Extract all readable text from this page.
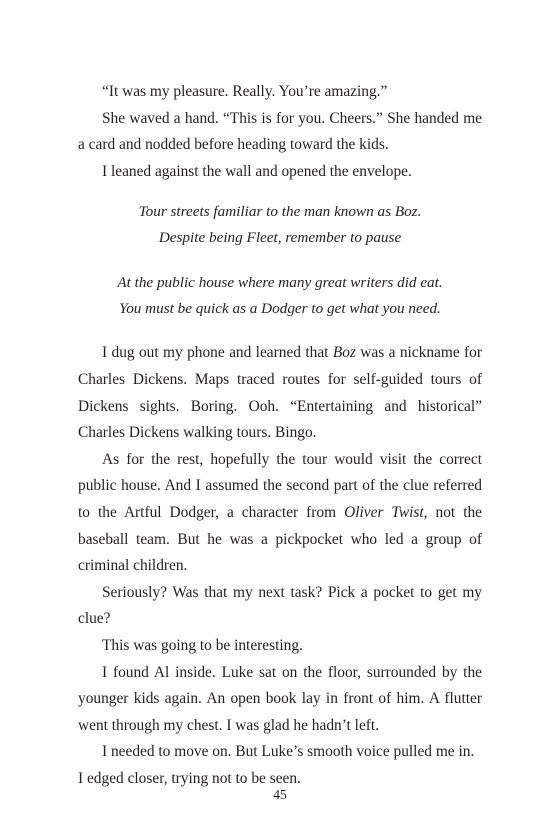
“It was my pleasure. Really. You’re amazing.”

She waved a hand. “This is for you. Cheers.” She handed me a card and nodded before heading toward the kids.

I leaned against the wall and opened the envelope.

Tour streets familiar to the man known as Boz.
Despite being Fleet, remember to pause
At the public house where many great writers did eat.
You must be quick as a Dodger to get what you need.

I dug out my phone and learned that Boz was a nickname for Charles Dickens. Maps traced routes for self-guided tours of Dickens sights. Boring. Ooh. “Entertaining and historical” Charles Dickens walking tours. Bingo.

As for the rest, hopefully the tour would visit the correct public house. And I assumed the second part of the clue referred to the Artful Dodger, a character from Oliver Twist, not the baseball team. But he was a pickpocket who led a group of criminal children.

Seriously? Was that my next task? Pick a pocket to get my clue?

This was going to be interesting.

I found Al inside. Luke sat on the floor, surrounded by the younger kids again. An open book lay in front of him. A flutter went through my chest. I was glad he hadn’t left.

I needed to move on. But Luke’s smooth voice pulled me in. I edged closer, trying not to be seen.

45
